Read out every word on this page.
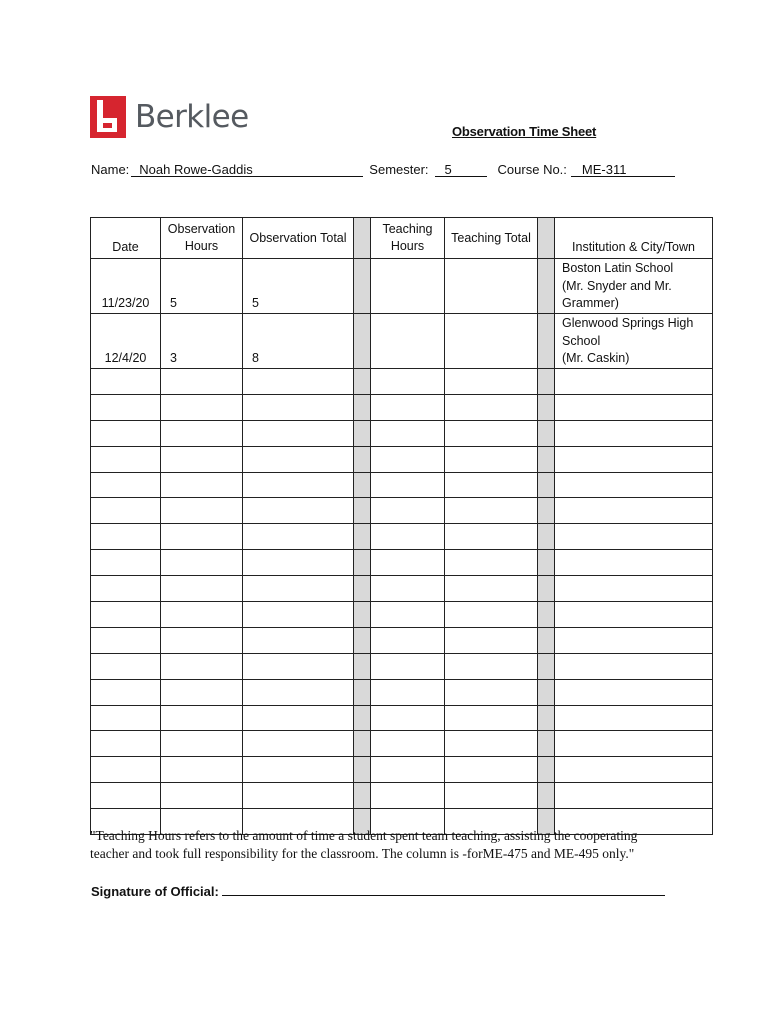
Berklee	Observation Time Sheet
Name: Noah Rowe-Gaddis	Semester:	5	Course No.:	ME-311
Date	Observation Hours	Observation Total		Teaching Hours	Teaching Total		Institution & City/Town
11/23/20	5	5					Boston Latin School
(Mr. Snyder and Mr.
Grammer)
12/4/20	3	8					Glenwood Springs High
School
(Mr. Caskin)

"Teaching Hours refers to the amount of time a student spent team teaching, assisting the cooperating teacher and took full responsibility for the classroom. The column is -forME-475 and ME-495 only."
Signature of Official:
